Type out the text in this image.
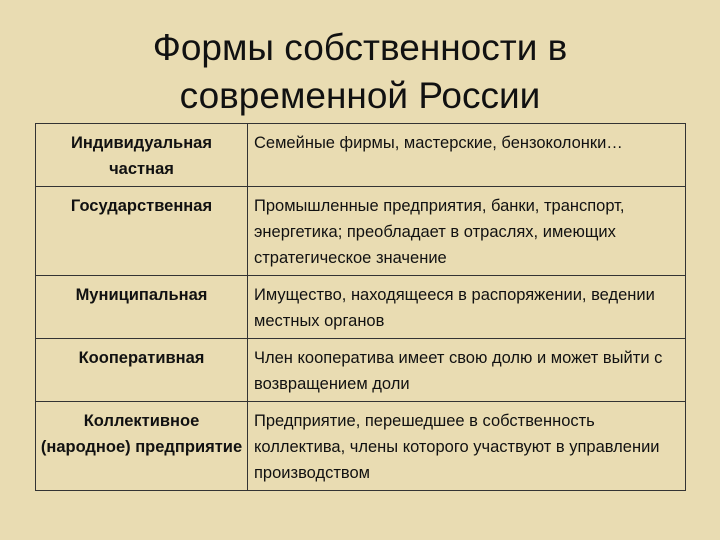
Формы собственности в
современной России
Индивидуальная частная	Семейные фирмы, мастерские, бензоколонки…
Государственная	Промышленные предприятия, банки, транспорт, энергетика; преобладает в отраслях, имеющих стратегическое значение
Муниципальная	Имущество, находящееся в распоряжении, ведении местных органов
Кооперативная	Член кооператива имеет свою долю и может выйти с возвращением доли
Коллективное (народное) предприятие	Предприятие, перешедшее в собственность коллектива, члены которого участвуют в управлении производством
